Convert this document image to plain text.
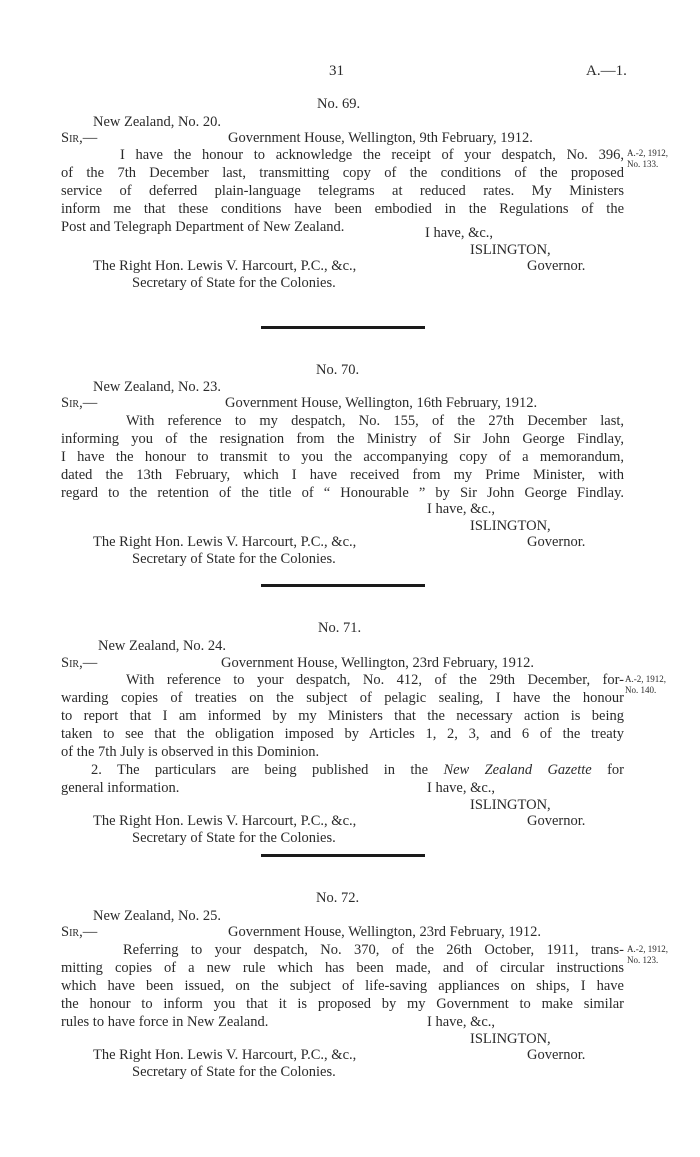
31	A.—1.
No. 69.
New Zealand, No. 20.
Sir,—	Government House, Wellington, 9th February, 1912.
I have the honour to acknowledge the receipt of your despatch, No. 396,
of the 7th December last, transmitting copy of the conditions of the proposed
service of deferred plain-language telegrams at reduced rates. My Ministers
inform me that these conditions have been embodied in the Regulations of the
Post and Telegraph Department of New Zealand.
A.-2, 1912,
No. 133.
I have, &c.,
ISLINGTON,
The Right Hon. Lewis V. Harcourt, P.C., &c.,	Governor.
Secretary of State for the Colonies.
No. 70.
New Zealand, No. 23.
Sir,—	Government House, Wellington, 16th February, 1912.
With reference to my despatch, No. 155, of the 27th December last,
informing you of the resignation from the Ministry of Sir John George Findlay,
I have the honour to transmit to you the accompanying copy of a memorandum,
dated the 13th February, which I have received from my Prime Minister, with
regard to the retention of the title of “ Honourable ” by Sir John George Findlay.
I have, &c.,
ISLINGTON,
The Right Hon. Lewis V. Harcourt, P.C., &c.,	Governor.
Secretary of State for the Colonies.
No. 71.
New Zealand, No. 24.
Sir,—	Government House, Wellington, 23rd February, 1912.
With reference to your despatch, No. 412, of the 29th December, for-
warding copies of treaties on the subject of pelagic sealing, I have the honour
to report that I am informed by my Ministers that the necessary action is being
taken to see that the obligation imposed by Articles 1, 2, 3, and 6 of the treaty
of the 7th July is observed in this Dominion.
2. The particulars are being published in the New Zealand Gazette for
general information.
A.-2, 1912,
No. 140.
I have, &c.,
ISLINGTON,
The Right Hon. Lewis V. Harcourt, P.C., &c.,	Governor.
Secretary of State for the Colonies.
No. 72.
New Zealand, No. 25.
Sir,—	Government House, Wellington, 23rd February, 1912.
Referring to your despatch, No. 370, of the 26th October, 1911, trans-
mitting copies of a new rule which has been made, and of circular instructions
which have been issued, on the subject of life-saving appliances on ships, I have
the honour to inform you that it is proposed by my Government to make similar
rules to have force in New Zealand.
A.-2, 1912,
No. 123.
I have, &c.,
ISLINGTON,
The Right Hon. Lewis V. Harcourt, P.C., &c.,	Governor.
Secretary of State for the Colonies.
